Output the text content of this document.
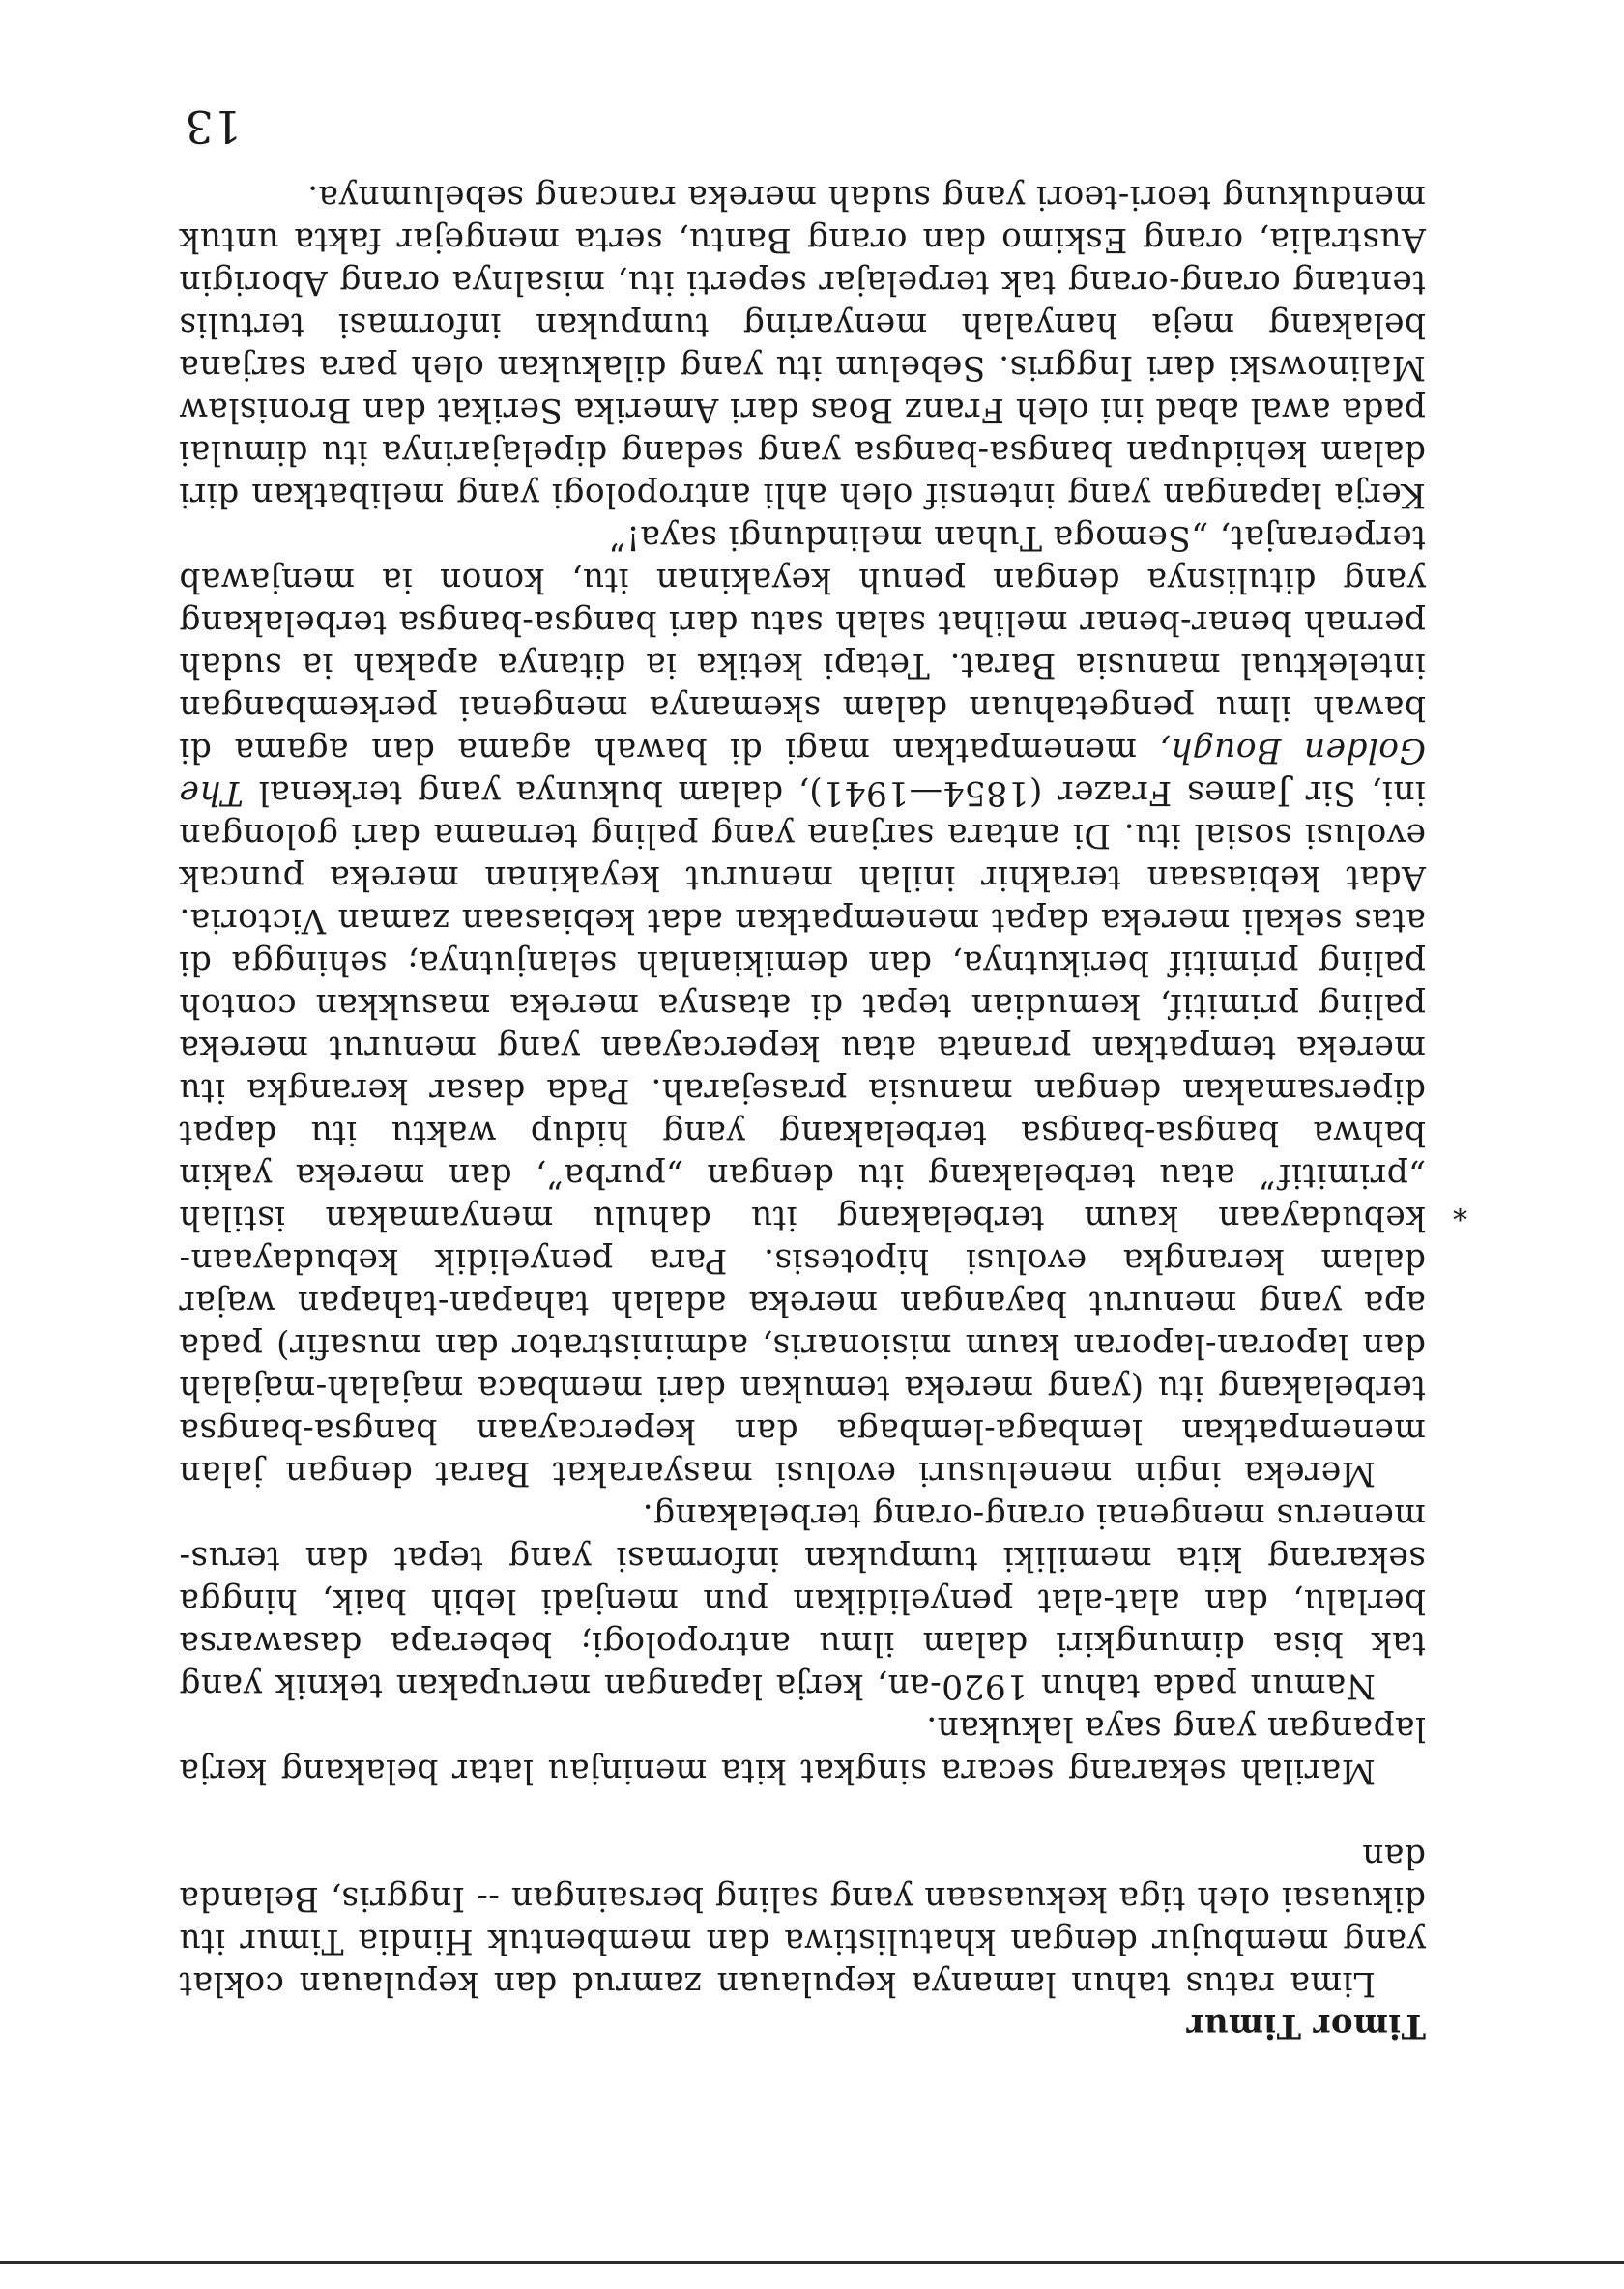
13

Timor Timur

Lima ratus tahun lamanya kepulauan zamrud dan kepulauan coklat yang membujur dengan khatulistiwa dan membentuk Hindia Timur itu dikuasai oleh tiga kekuasaan yang saling bersaingan -- Inggris, Belanda dan

Marilah sekarang secara singkat kita meninjau latar belakang kerja lapangan yang saya lakukan.

Namun pada tahun 1920-an, kerja lapangan merupakan teknik yang tak bisa dimungkiri dalam ilmu antropologi; beberapa dasawarsa berlalu, dan alat-alat penyelidikan pun menjadi lebih baik, hingga sekarang kita memiliki tumpukan informasi yang tepat dan terus-menerus mengenai orang-orang terbelakang.

Mereka ingin menelusuri evolusi masyarakat Barat dengan jalan menempatkan lembaga-lembaga dan kepercayaan bangsa-bangsa terbelakang itu (yang mereka temukan dari membaca majalah-majalah dan laporan-laporan kaum misionaris, administrator dan musafir) pada apa yang menurut bayangan mereka adalah tahapan-tahapan wajar dalam kerangka evolusi hipotesis. Para penyelidik kebudayaan-kebudayaan kaum terbelakang itu dahulu menyamakan istilah „primitif” atau terbelakang itu dengan „purba”, dan mereka yakin bahwa bangsa-bangsa terbelakang yang hidup waktu itu dapat dipersamakan dengan manusia prasejarah. Pada dasar kerangka itu mereka tempatkan pranata atau kepercayaan yang menurut mereka paling primitif, kemudian tepat di atasnya mereka masukkan contoh paling primitif berikutnya, dan demikianlah selanjutnya; sehingga di atas sekali mereka dapat menempatkan adat kebiasaan zaman Victoria. Adat kebiasaan terakhir inilah menurut keyakinan mereka puncak evolusi sosial itu. Di antara sarjana yang paling ternama dari golongan ini, Sir James Frazer (1854—1941), dalam bukunya yang terkenal The Golden Bough, menempatkan magi di bawah agama dan agama di bawah ilmu pengetahuan dalam skemanya mengenai perkembangan intelektual manusia Barat. Tetapi ketika ia ditanya apakah ia sudah pernah benar-benar melihat salah satu dari bangsa-bangsa terbelakang yang ditulisnya dengan penuh keyakinan itu, konon ia menjawab terperanjat, „Semoga Tuhan melindungi saya!”

Kerja lapangan yang intensif oleh ahli antropologi yang melibatkan diri dalam kehidupan bangsa-bangsa yang sedang dipelajarinya itu dimulai pada awal abad ini oleh Franz Boas dari Amerika Serikat dan Bronislaw Malinowski dari Inggris. Sebelum itu yang dilakukan oleh para sarjana belakang meja hanyalah menyaring tumpukan informasi tertulis tentang orang-orang tak terpelajar seperti itu, misalnya orang Aborigin Australia, orang Eskimo dan orang Bantu, serta mengejar fakta untuk mendukung teori-teori yang sudah mereka rancang sebelumnya.

*
